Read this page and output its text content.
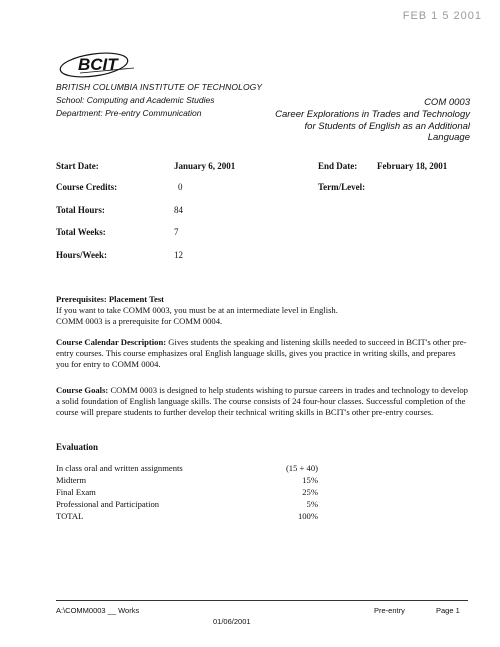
FEB 1 5 2001
BCIT
BRITISH COLUMBIA INSTITUTE OF TECHNOLOGY
School: Computing and Academic Studies
Department: Pre-entry Communication
COM 0003
Career Explorations in Trades and Technology for Students of English as an Additional Language
Start Date:	January 6, 2001	End Date: February 18, 2001
Course Credits:	0	Term/Level:
Total Hours:	84
Total Weeks:	7
Hours/Week:	12
Prerequisites: Placement Test
If you want to take COMM 0003, you must be at an intermediate level in English.
COMM 0003 is a prerequisite for COMM 0004.
Course Calendar Description: Gives students the speaking and listening skills needed to succeed in BCIT's other pre-entry courses. This course emphasizes oral English language skills, gives you practice in writing skills, and prepares you for entry to COMM 0004.
Course Goals: COMM 0003 is designed to help students wishing to pursue careers in trades and technology to develop a solid foundation of English language skills. The course consists of 24 four-hour classes. Successful completion of the course will prepare students to further develop their technical writing skills in BCIT's other pre-entry courses.
Evaluation
In class oral and written assignments	(15 + 40)
Midterm	15%
Final Exam	25%
Professional and Participation	5%
TOTAL	100%
A:\COMM0003 __ Works	Pre-entry	Page 1
01/06/2001
